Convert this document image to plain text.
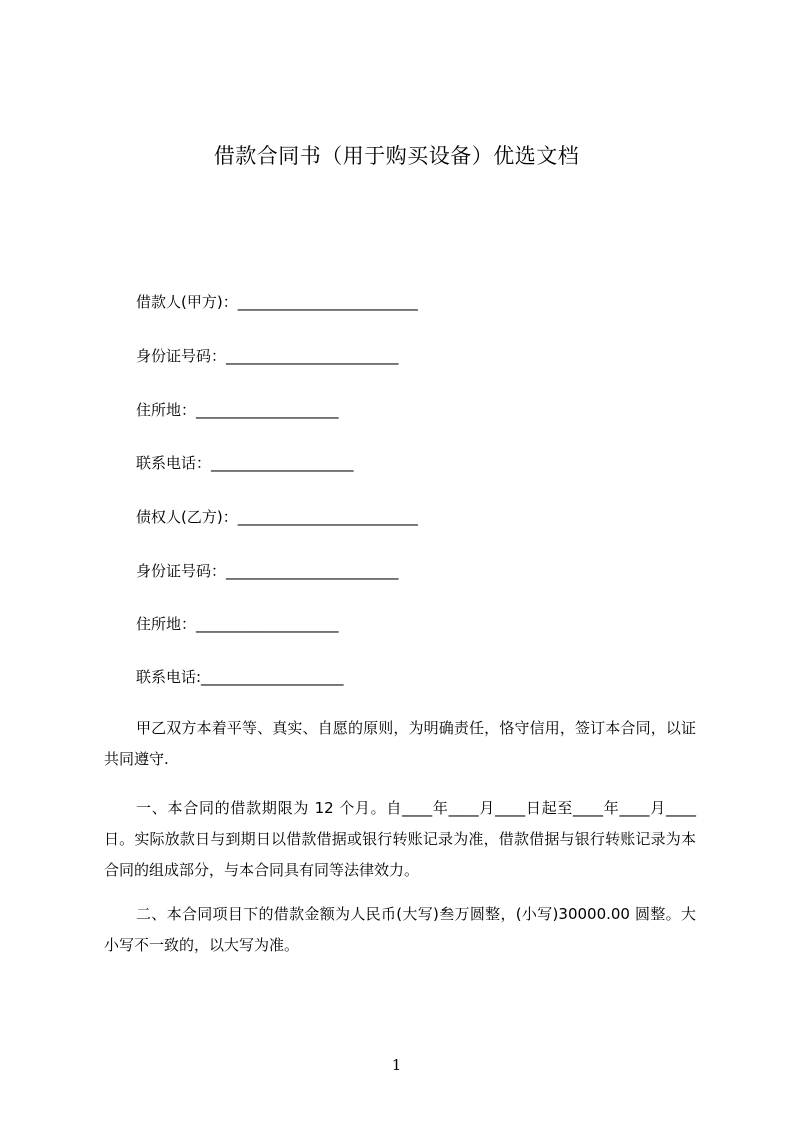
借款合同书（用于购买设备）优选文档
借款人(甲方)：________________________
身份证号码：_______________________
住所地：___________________
联系电话：___________________
债权人(乙方)：________________________
身份证号码：_______________________
住所地：___________________
联系电话:___________________

甲乙双方本着平等、真实、自愿的原则，为明确责任，恪守信用，签订本合同，以证共同遵守.

一、本合同的借款期限为 12 个月。自____年____月____日起至____年____月____日。实际放款日与到期日以借款借据或银行转账记录为准，借款借据与银行转账记录为本合同的组成部分，与本合同具有同等法律效力。

二、本合同项目下的借款金额为人民币(大写)叁万圆整，(小写)30000.00 圆整。大小写不一致的，以大写为准。

1
